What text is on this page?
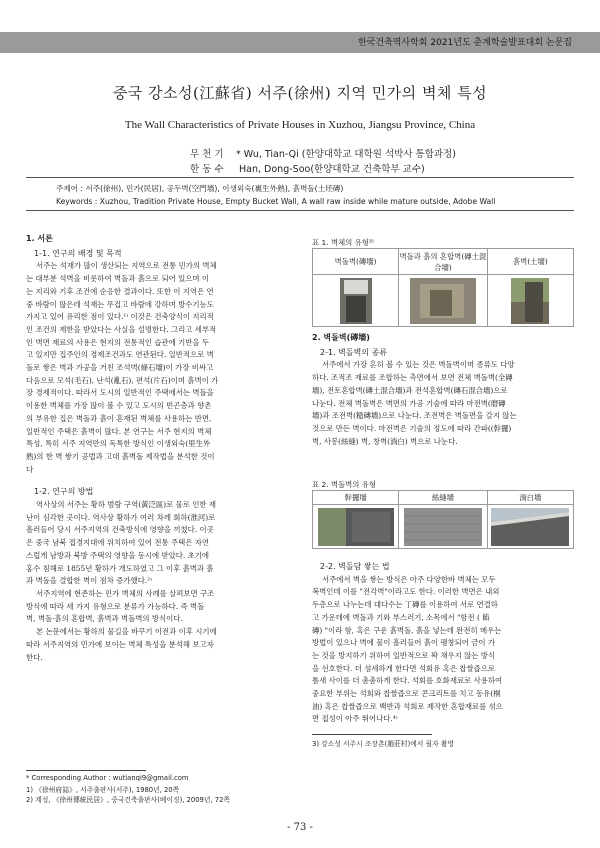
한국건축역사학회 2021년도 춘계학술발표대회 논문집
중국 강소성(江蘇省) 서주(徐州) 지역 민가의 벽체 특성
The Wall Characteristics of Private Houses in Xuzhou, Jiangsu Province, China
무 천 기 * Wu, Tian-Qi (한양대학교 대학원 석박사 통합과정)
한 동 수 Han, Dong-Soo(한양대학교 건축학부 교수)
주제어 : 서주(徐州), 민가(民居), 공두벽(空門墻), 이생외숙(裏生外熟), 흙벽돌(土坯磚)
Keywords : Xuzhou, Tradition Private House, Empty Bucket Wall, A wall raw inside while mature outside, Adobe Wall
1. 서론
1-1. 연구의 배경 및 목적
서주는 석재가 많이 생산되는 지역으로 전통 민가의 벽체
는 대부분 석벽을 비롯하여 벽돌과 흙으로 되어 있으며 이
는 지리와 기후 조건에 순응한 결과이다. 또한 이 지역은 연
중 바람이 많은데 석재는 무겁고 바람에 강하며 방수기능도
가지고 있어 유리한 점이 있다.¹⁾ 이것은 건축양식이 지리적
인 조건의 제한을 받았다는 사실을 설명한다. 그리고 세부적
인 벽면 재료의 사용은 현지의 전통적인 습관에 기반을 두
고 있지만 집주인의 경제조건과도 연관된다. 일반적으로 벽
돌로 쌓은 벽과 가공을 거친 조석벽(條石墻)이 가장 비싸고
다음으로 모석(毛石), 난석(亂石), 편석(片石)이며 흙벽이 가
장 경제적이다. 따라서 도시의 일반적인 주택에서는 벽돌을
이용한 벽체를 가장 많이 볼 수 있고 도시의 빈곤층과 향촌
의 부유한 집은 벽돌과 흙이 혼재된 벽체를 사용하는 반면,
일반적인 주택은 흙벽이 많다. 본 연구는 서주 현지의 벽체
특성, 특히 서주 지역만의 독특한 방식인 이생외숙(里生外
熟)의 한 벽 쌓기 공법과 고대 흙벽돌 제작법을 분석한 것이
다
1-2. 연구의 방법
역사상의 서주는 황하 범람 구역(黃泛區)로 물로 인한 재
난이 심각한 곳이다. 역사상 황하가 여러 차례 회하(淮河)로
흘러들어 당시 서주지역의 건축방식에 영향을 끼쳤다. 이곳
은 중국 남북 접경지대에 위치하여 있어 전통 주택은 자연
스럽게 남방과 북방 주택의 영향을 동시에 받았다. 초기에
홍수 침해로 1855년 황하가 개도하였고 그 이후 흙벽과 흙
과 벽돌을 결합한 벽이 점차 증가했다.²⁾
서주지역에 현존하는 민가 벽체의 사례를 살펴보면 구조
방식에 따라 세 가지 유형으로 분류가 가능하다. 즉 벽돌
벽, 벽돌·흙의 혼합벽, 흙벽과 벽돌벽의 방식이다.
본 논문에서는 황하의 물길을 바꾸기 이전과 이후 시기에
따라 서주지역의 민가에 보이는 벽체 특성을 분석해 보고자
한다.
* Corresponding Author : wutianqi9@gmail.com
1) 《徐州府誌》, 서주출판사(서주), 1980년, 20쪽
표 1. 벽체의 유형³⁾
벽돌벽(磚墻)	벽돌과 흙의 혼합벽(磚土混合墻)	흙벽(土墻)

2. 벽돌벽(磚墻)
2-1. 벽돌벽의 종류
서주에서 가장 흔히 볼 수 있는 것은 벽돌벽이며 종류도 다양
하다. 조적조 재료를 조합하는 측면에서 보면 전체 벽돌벽(全磚
墻), 전토혼합벽(磚土混合墻)과 전석혼합벽(磚石混合墻)으로
나눈다. 전체 벽돌벽은 벽면의 가공 기술에 따라 마전벽(磨磚
墻)과 조전벽(糙磚墻)으로 나눈다. 조전벽은 벽돌면을 갈지 않는
것으로 만든 벽이다. 마전벽은 기술의 정도에 따라 간파((幹擺)
벽, 사봉(絲縫) 벽, 창벽(淌白) 벽으로 나눈다.
표 2. 벽돌벽의 유형
幹擺墻	絲縫墻	淌白墻

2-2. 벽돌담 쌓는 법
서주에서 벽을 쌓는 방식은 아주 다양한바 벽체는 모두
복벽인데 이를 "전각벽"이라고도 한다. 이러한 벽면은 내외
두층으로 나누는데 대다수는 丁磚를 이용하여 서로 연결하
고 가운데에 벽돌과 기와 부스러기, 소목에서 "함전 ( 餡
磚) "이라 함, 혹은 구운 흙벽돌, 흙을 넣는데 완전히 메우는
방법이 있으나 벽에 물이 흘러들어 흙이 팽창되어 금이 가
는 것을 방지하기 위하여 일반적으로 꽉 채우지 않는 방식
을 선호한다. 더 섬세하게 한다면 석회유 혹은 찹쌀즙으로
틈새 사이를 더 촘촘하게 한다. 석회를 호화재료로 사용하여
중요한 부위는 석회와 찹쌀즙으로 콘크리트를 치고 동유(桐
油) 혹은 찹쌀즙으로 백반과 석회로 제작한 혼합재료를 섞으
면 접성이 아주 뛰어나다.⁴⁾
3) 강소성 서주시 조장촌(趙莊村)에서 필자 촬영
2) 계성, 《徐州傳統民居》, 중국건축출판사(베이징), 2009년, 72쪽
- 73 -
